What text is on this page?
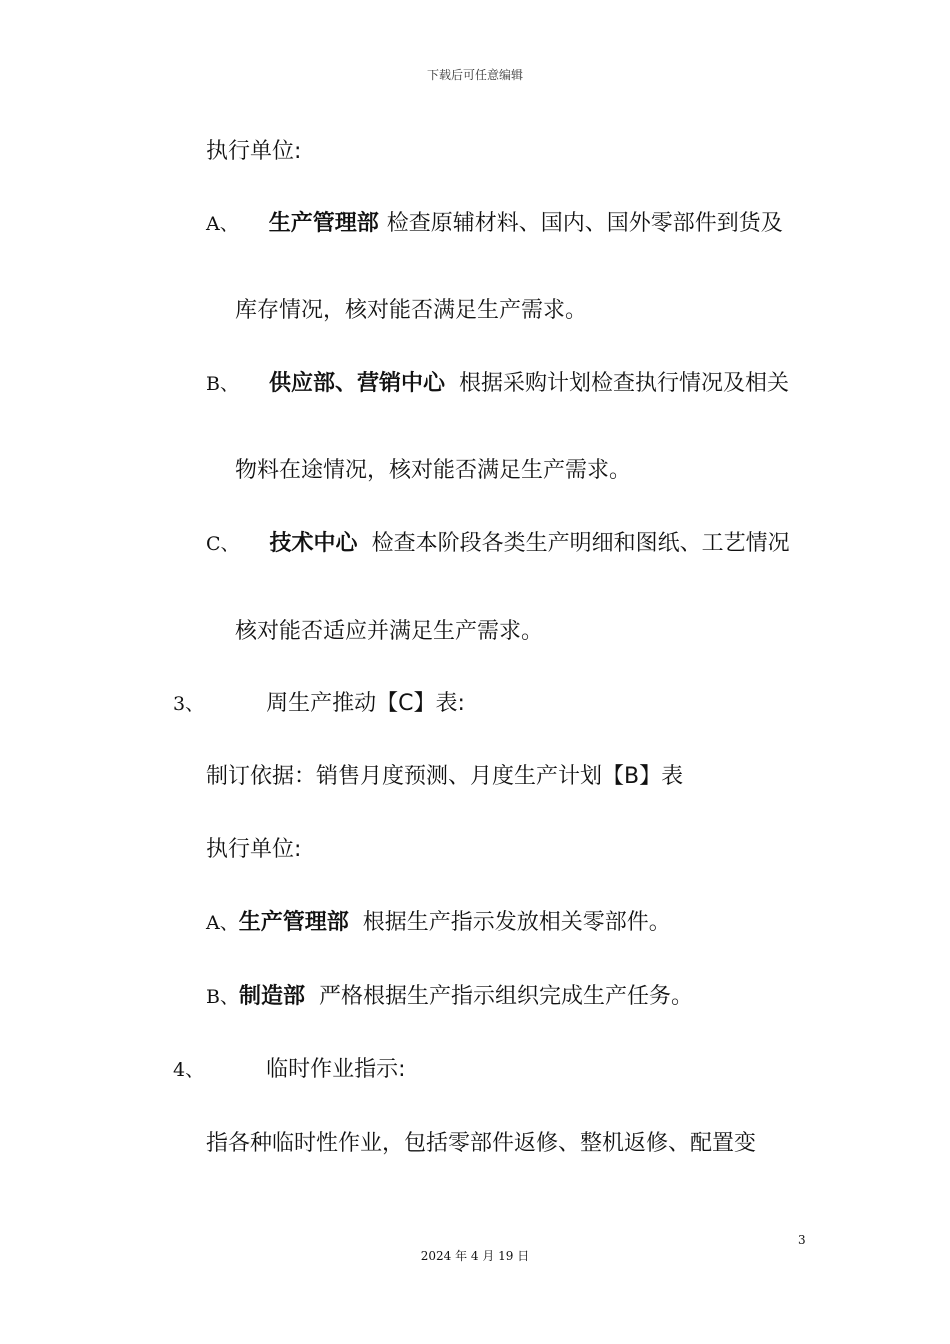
下载后可任意编辑
执行单位:
A、 生产管理部 检查原辅材料、国内、国外零部件到货及
库存情况，核对能否满足生产需求。
B、 供应部、营销中心 根据采购计划检查执行情况及相关
物料在途情况，核对能否满足生产需求。
C、 技术中心 检查本阶段各类生产明细和图纸、工艺情况
核对能否适应并满足生产需求。
3、	周生产推动【C】表:
制订依据：销售月度预测、月度生产计划【B】表
执行单位:
A、生产管理部 根据生产指示发放相关零部件。
B、制造部 严格根据生产指示组织完成生产任务。
4、	临时作业指示:
指各种临时性作业，包括零部件返修、整机返修、配置变
3
2024 年 4 月 19 日
